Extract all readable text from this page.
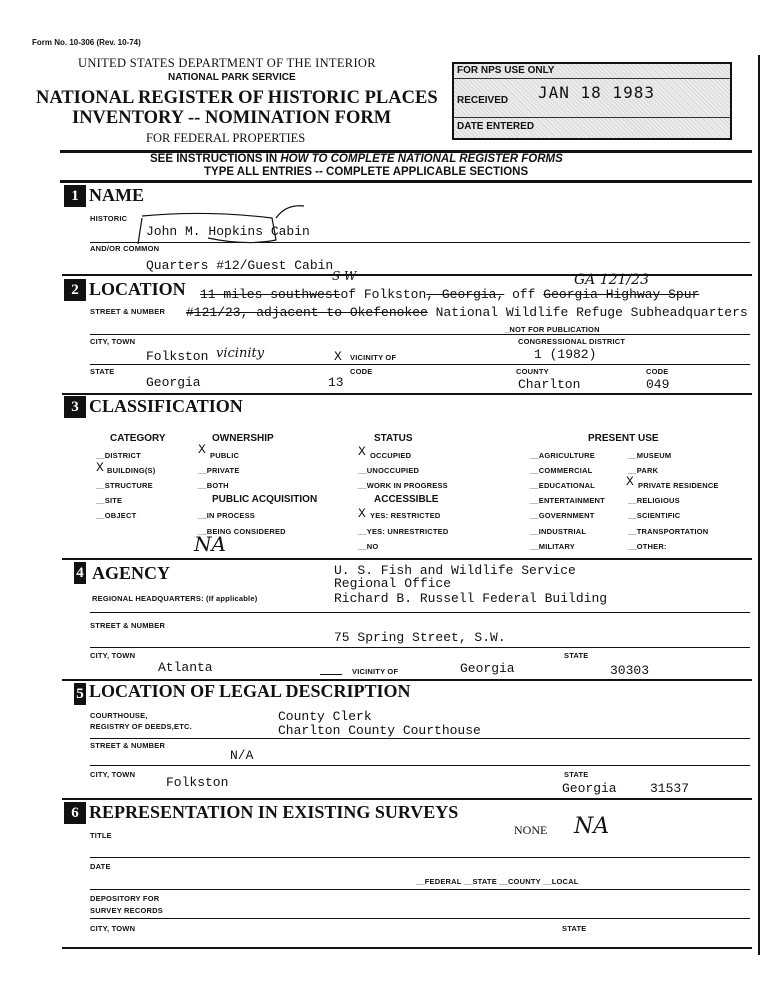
Form No. 10-306 (Rev. 10-74)
UNITED STATES DEPARTMENT OF THE INTERIOR
NATIONAL PARK SERVICE
NATIONAL REGISTER OF HISTORIC PLACES
INVENTORY -- NOMINATION FORM
FOR FEDERAL PROPERTIES
FOR NPS USE ONLY
RECEIVED JAN 18 1983
DATE ENTERED
SEE INSTRUCTIONS IN HOW TO COMPLETE NATIONAL REGISTER FORMS
TYPE ALL ENTRIES -- COMPLETE APPLICABLE SECTIONS
1 NAME
HISTORIC
John M. Hopkins Cabin
AND/OR COMMON
Quarters #12/Guest Cabin
2 LOCATION
S W	GA 121/23
11 miles southwestof Folkston, Georgia, off Georgia Highway Spur
STREET & NUMBER #121/23, adjacent to Okefenokee National Wildlife Refuge Subheadquarters
_NOT FOR PUBLICATION
CITY, TOWN	CONGRESSIONAL DISTRICT
Folkston vicinity	X VICINITY OF	1 (1982)
STATE	CODE	COUNTY	CODE
Georgia	13	Charlton	049
3 CLASSIFICATION
CATEGORY
__DISTRICT
X BUILDING(S)
__STRUCTURE
__SITE
__OBJECT
OWNERSHIP
X PUBLIC
__PRIVATE
__BOTH
PUBLIC ACQUISITION
__IN PROCESS
__BEING CONSIDERED
NA
STATUS
X OCCUPIED
__UNOCCUPIED
__WORK IN PROGRESS
ACCESSIBLE
X YES: RESTRICTED
__YES: UNRESTRICTED
__NO
PRESENT USE
__AGRICULTURE
__COMMERCIAL
__EDUCATIONAL
__ENTERTAINMENT
__GOVERNMENT
__INDUSTRIAL
__MILITARY
__MUSEUM
__PARK
X PRIVATE RESIDENCE
__RELIGIOUS
__SCIENTIFIC
__TRANSPORTATION
__OTHER:
4 AGENCY	U. S. Fish and Wildlife Service
Regional Office
Richard B. Russell Federal Building
REGIONAL HEADQUARTERS: (If applicable)
STREET & NUMBER
75 Spring Street, S.W.
CITY, TOWN	STATE
Atlanta	VICINITY OF	Georgia	30303
5 LOCATION OF LEGAL DESCRIPTION
COURTHOUSE,
REGISTRY OF DEEDS,ETC.
County Clerk
Charlton County Courthouse
STREET & NUMBER
N/A
CITY, TOWN	STATE
Folkston	Georgia	31537
6 REPRESENTATION IN EXISTING SURVEYS
TITLE	NONE NA
DATE
__FEDERAL __STATE __COUNTY __LOCAL
DEPOSITORY FOR
SURVEY RECORDS
CITY, TOWN	STATE
